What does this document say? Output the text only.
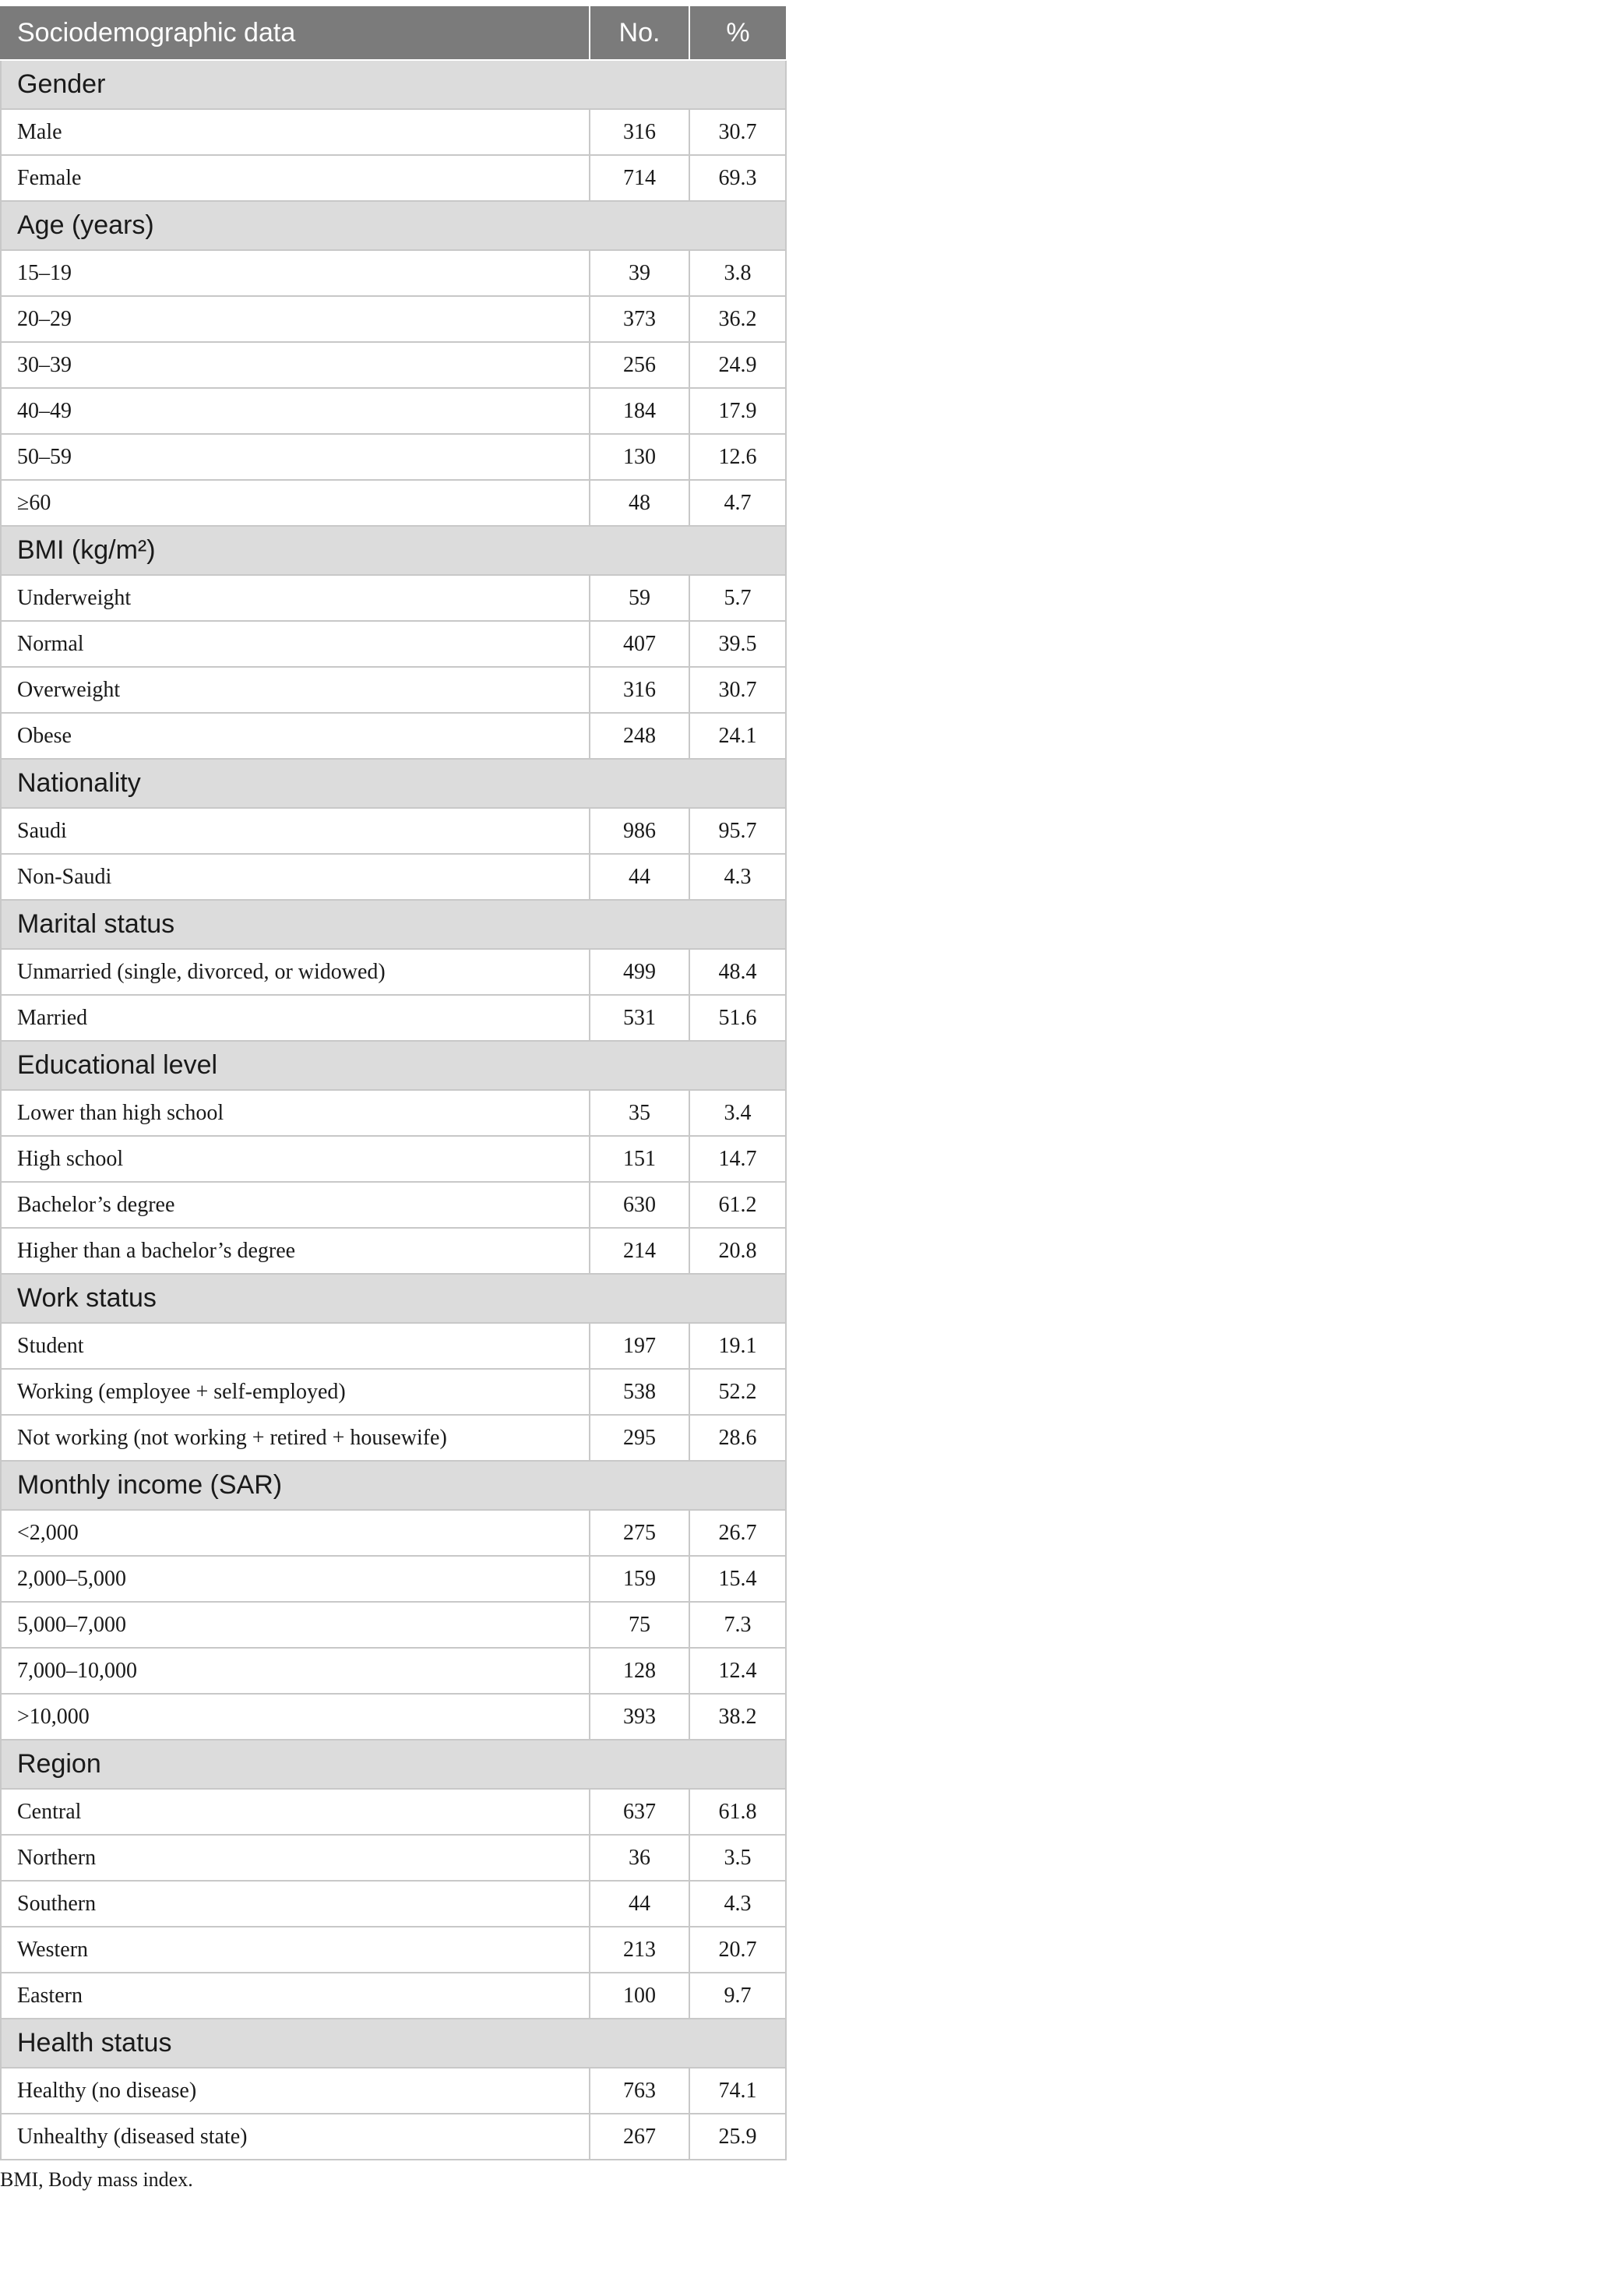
Sociodemographic data	No.	%
Gender		
Male	316	30.7
Female	714	69.3
Age (years)		
15–19	39	3.8
20–29	373	36.2
30–39	256	24.9
40–49	184	17.9
50–59	130	12.6
≥60	48	4.7
BMI (kg/m²)		
Underweight	59	5.7
Normal	407	39.5
Overweight	316	30.7
Obese	248	24.1
Nationality		
Saudi	986	95.7
Non-Saudi	44	4.3
Marital status		
Unmarried (single, divorced, or widowed)	499	48.4
Married	531	51.6
Educational level		
Lower than high school	35	3.4
High school	151	14.7
Bachelor’s degree	630	61.2
Higher than a bachelor’s degree	214	20.8
Work status		
Student	197	19.1
Working (employee + self-employed)	538	52.2
Not working (not working + retired + housewife)	295	28.6
Monthly income (SAR)		
<2,000	275	26.7
2,000–5,000	159	15.4
5,000–7,000	75	7.3
7,000–10,000	128	12.4
>10,000	393	38.2
Region		
Central	637	61.8
Northern	36	3.5
Southern	44	4.3
Western	213	20.7
Eastern	100	9.7
Health status		
Healthy (no disease)	763	74.1
Unhealthy (diseased state)	267	25.9
BMI, Body mass index.
